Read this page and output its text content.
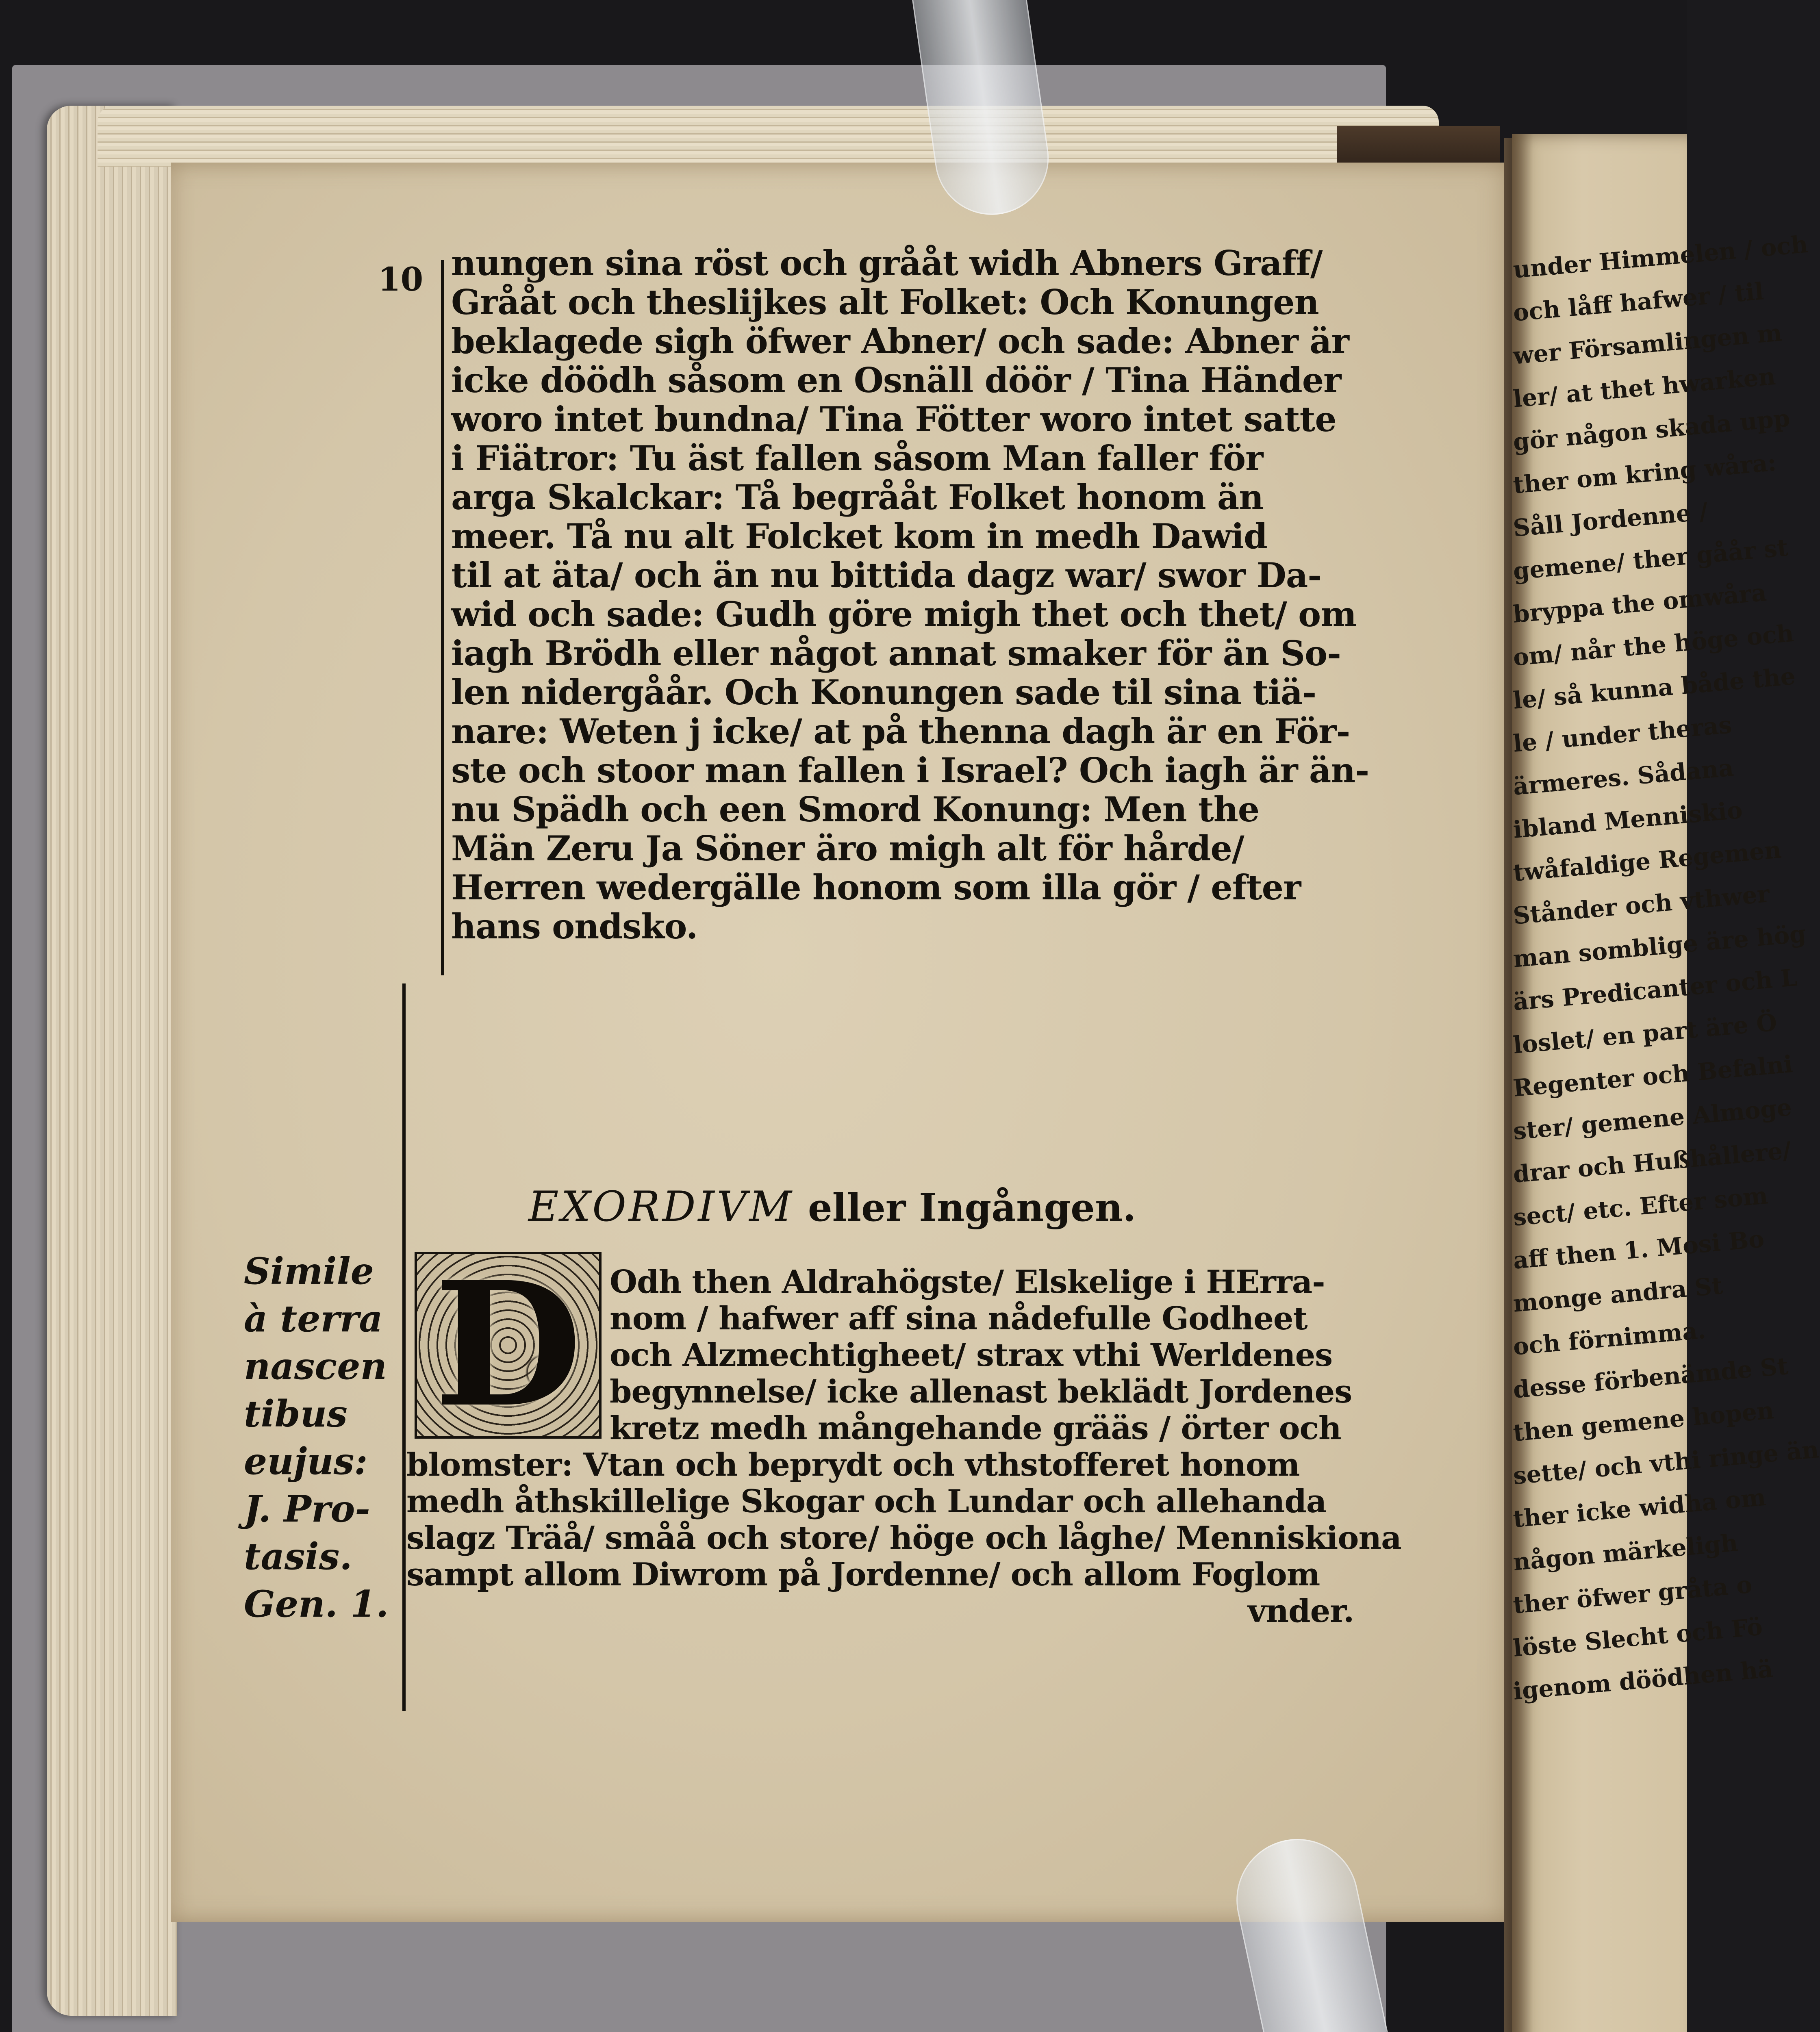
under Himmelen / och
och låff hafwer / til
wer Församlingen m
ler/ at thet hwarken
gör någon skada upp
ther om kring wåra:
Såll Jordenne /
gemene/ ther gåår st
bryppa the omwåra
om/ når the höge och
le/ så kunna både the
le / under theras
ärmeres. Sådana
ibland Menniskio
twåfaldige Regemen
Stånder och vthwer
man somblige äre hög
ärs Predicanter och L
loslet/ en part äre Ö
Regenter och Befalni
ster/ gemene Almoge
drar och Hußhållere/
sect/ etc. Efter som
aff then 1. Mosi Bo
monge andra St
och förnimma.
desse förbenämde St
then gemene hopen
sette/ och vthi ringe än
ther icke widha om
någon märkeligh
ther öfwer gråta o
löste Slecht och Fö
igenom döödhen hä
10 nungen sina röst och grååt widh Abners Graff/
Grååt och theslijkes alt Folket: Och Konungen
beklagede sigh öfwer Abner/ och sade: Abner är
icke döödh såsom en Osnäll döör / Tina Händer
woro intet bundna/ Tina Fötter woro intet satte
i Fiätror: Tu äst fallen såsom Man faller för
arga Skalckar: Tå begrååt Folket honom än
meer. Tå nu alt Folcket kom in medh Dawid
til at äta/ och än nu bittida dagz war/ swor Da-
wid och sade: Gudh göre migh thet och thet/ om
iagh Brödh eller något annat smaker för än So-
len nidergåår. Och Konungen sade til sina tiä-
nare: Weten j icke/ at på thenna dagh är en För-
ste och stoor man fallen i Israel? Och iagh är än-
nu Spädh och een Smord Konung: Men the
Män Zeru Ja Söner äro migh alt för hårde/
Herren wedergälle honom som illa gör / efter
hans ondsko.
EXORDIVM eller Ingången.
Simile
à terra
nascen
tibus
eujus:
J. Pro-
tasis.
Gen. 1.
D Odh then Aldrahögste/ Elskelige i HErra-
nom / hafwer aff sina nådefulle Godheet
och Alzmechtigheet/ strax vthi Werldenes
begynnelse/ icke allenast beklädt Jordenes
kretz medh mångehande grääs / örter och
blomster: Vtan och beprydt och vthstofferet honom
medh åthskillelige Skogar och Lundar och allehanda
slagz Träå/ småå och store/ höge och låghe/ Menniskiona
sampt allom Diwrom på Jordenne/ och allom Foglom
vnder.
